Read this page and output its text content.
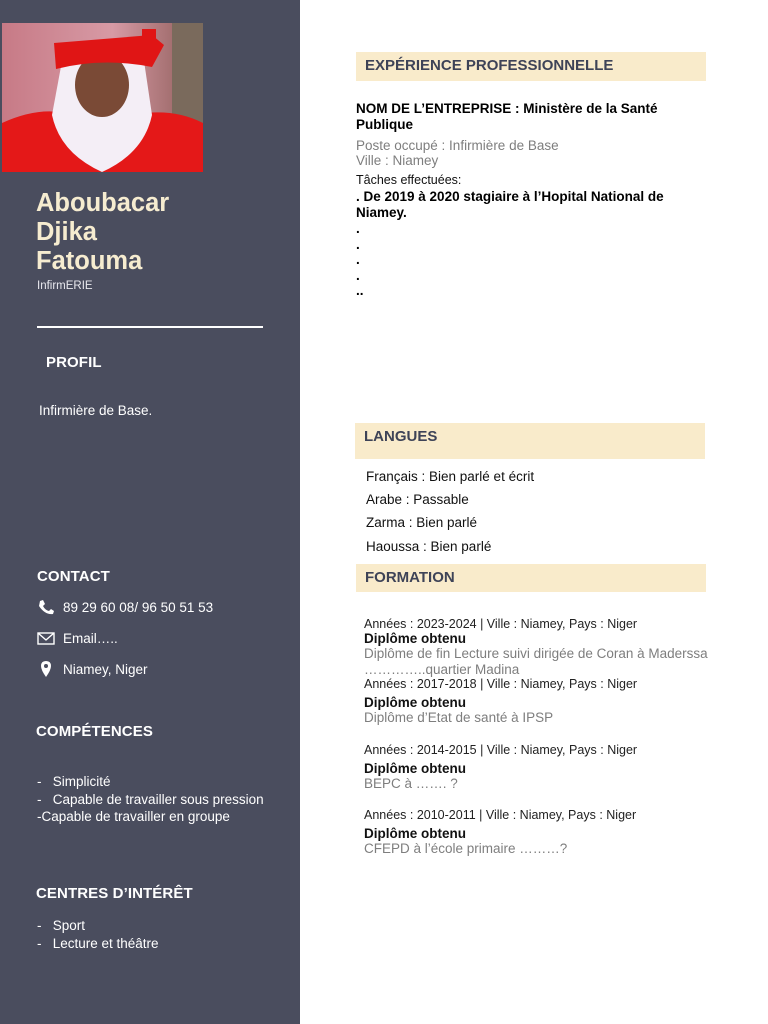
Aboubacar
Djika
Fatouma
InfirmERIE
PROFIL
Infirmière de Base.
CONTACT
89 29 60 08/ 96 50 51 53
Email…..
Niamey, Niger
COMPÉTENCES
-   Simplicité
-   Capable de travailler sous pression
-Capable de travailler en groupe
CENTRES D’INTÉRÊT
-   Sport
-   Lecture et théâtre
EXPÉRIENCE PROFESSIONNELLE
NOM DE L’ENTREPRISE : Ministère de la Santé Publique
Poste occupé : Infirmière de Base
Ville : Niamey
Tâches effectuées:
. De 2019 à 2020 stagiaire à l’Hopital National de Niamey.
.
.
.
.
..
LANGUES
Français : Bien parlé et écrit
Arabe : Passable
Zarma : Bien parlé
Haoussa : Bien parlé
FORMATION
Années : 2023-2024 | Ville : Niamey, Pays : Niger
Diplôme obtenu
Diplôme de fin Lecture suivi dirigée de Coran à Maderssa …………..quartier Madina
Années : 2017-2018 | Ville : Niamey, Pays : Niger
Diplôme obtenu
Diplôme d’Etat de santé à IPSP
Années : 2014-2015 | Ville : Niamey, Pays : Niger
Diplôme obtenu
BEPC à ……. ?
Années : 2010-2011 | Ville : Niamey, Pays : Niger
Diplôme obtenu
CFEPD à l’école primaire ………?
